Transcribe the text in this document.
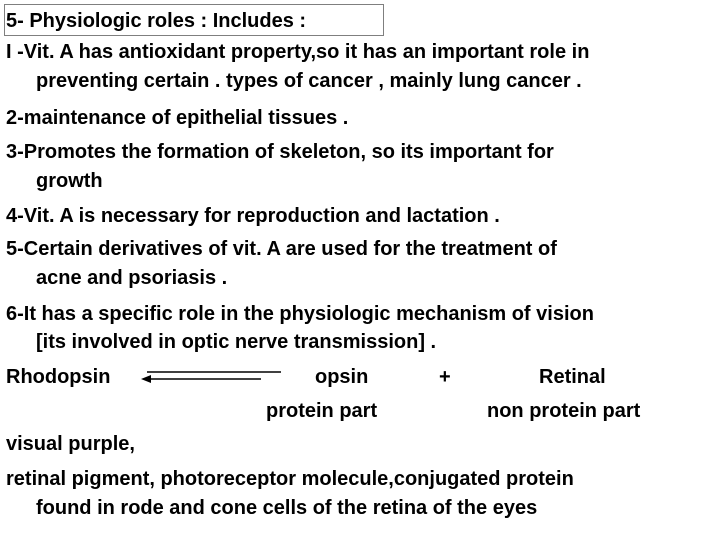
5- Physiologic roles : Includes :
I -Vit. A has antioxidant property,so it has an important role in
preventing certain . types of cancer , mainly lung cancer .
2-maintenance of epithelial tissues .
3-Promotes the formation of skeleton, so its important for
growth
4-Vit. A is necessary for reproduction and lactation .
5-Certain derivatives of vit. A are used for the treatment of
acne and psoriasis .
6-It has a specific role in the physiologic mechanism of vision
[its involved in optic nerve transmission] .
Rhodopsin	opsin	+	Retinal
protein part	non protein part
visual purple,
retinal pigment, photoreceptor molecule,conjugated protein
found in rode and cone cells of the retina of the eyes
